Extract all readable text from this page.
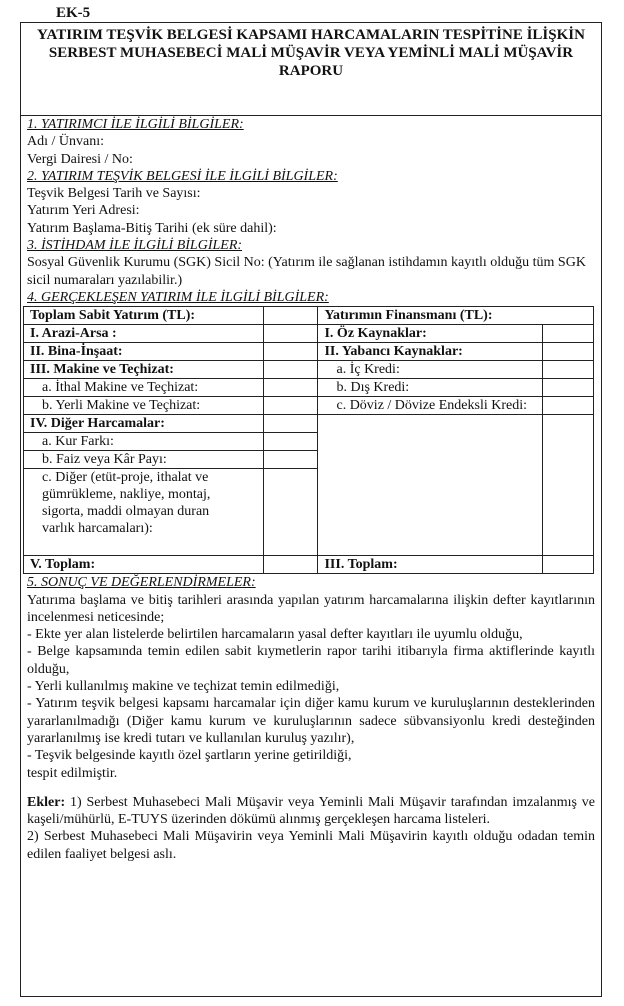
EK-5
YATIRIM TEŞVİK BELGESİ KAPSAMI HARCAMALARIN TESPİTİNE İLİŞKİN
SERBEST MUHASEBECİ MALİ MÜŞAVİR VEYA YEMİNLİ MALİ MÜŞAVİR
RAPORU
1. YATIRIMCI İLE İLGİLİ BİLGİLER:
Adı / Ünvanı:
Vergi Dairesi / No:
2. YATIRIM TEŞVİK BELGESİ İLE İLGİLİ BİLGİLER:
Teşvik Belgesi Tarih ve Sayısı:
Yatırım Yeri Adresi:
Yatırım Başlama-Bitiş Tarihi (ek süre dahil):
3. İSTİHDAM İLE İLGİLİ BİLGİLER:
Sosyal Güvenlik Kurumu (SGK) Sicil No: (Yatırım ile sağlanan istihdamın kayıtlı olduğu tüm SGK
sicil numaraları yazılabilir.)
4. GERÇEKLEŞEN YATIRIM İLE İLGİLİ BİLGİLER:
Toplam Sabit Yatırım (TL):		Yatırımın Finansmanı (TL):	
I. Arazi-Arsa :		I. Öz Kaynaklar:	
II. Bina-İnşaat:		II. Yabancı Kaynaklar:	
III. Makine ve Teçhizat:		a. İç Kredi:	
a. İthal Makine ve Teçhizat:		b. Dış Kredi:	
b. Yerli Makine ve Teçhizat:		c. Döviz / Dövize Endeksli Kredi:	
IV. Diğer Harcamalar:			
a. Kur Farkı:			
b. Faiz veya Kâr Payı:			

c. Diğer (etüt-proje, ithalat ve
gümrükleme, nakliye, montaj,
sigorta, maddi olmayan duran
varlık harcamaları):			

V. Toplam:		III. Toplam:	
5. SONUÇ VE DEĞERLENDİRMELER:
Yatırıma başlama ve bitiş tarihleri arasında yapılan yatırım harcamalarına ilişkin defter kayıtlarının incelenmesi neticesinde;
- Ekte yer alan listelerde belirtilen harcamaların yasal defter kayıtları ile uyumlu olduğu,
- Belge kapsamında temin edilen sabit kıymetlerin rapor tarihi itibarıyla firma aktiflerinde kayıtlı olduğu,
- Yerli kullanılmış makine ve teçhizat temin edilmediği,
- Yatırım teşvik belgesi kapsamı harcamalar için diğer kamu kurum ve kuruluşlarının desteklerinden yararlanılmadığı (Diğer kamu kurum ve kuruluşlarının sadece sübvansiyonlu kredi desteğinden yararlanılmış ise kredi tutarı ve kullanılan kuruluş yazılır),
- Teşvik belgesinde kayıtlı özel şartların yerine getirildiği,
tespit edilmiştir.
Ekler: 1) Serbest Muhasebeci Mali Müşavir veya Yeminli Mali Müşavir tarafından imzalanmış ve kaşeli/mühürlü, E-TUYS üzerinden dökümü alınmış gerçekleşen harcama listeleri.
2) Serbest Muhasebeci Mali Müşavirin veya Yeminli Mali Müşavirin kayıtlı olduğu odadan temin edilen faaliyet belgesi aslı.
